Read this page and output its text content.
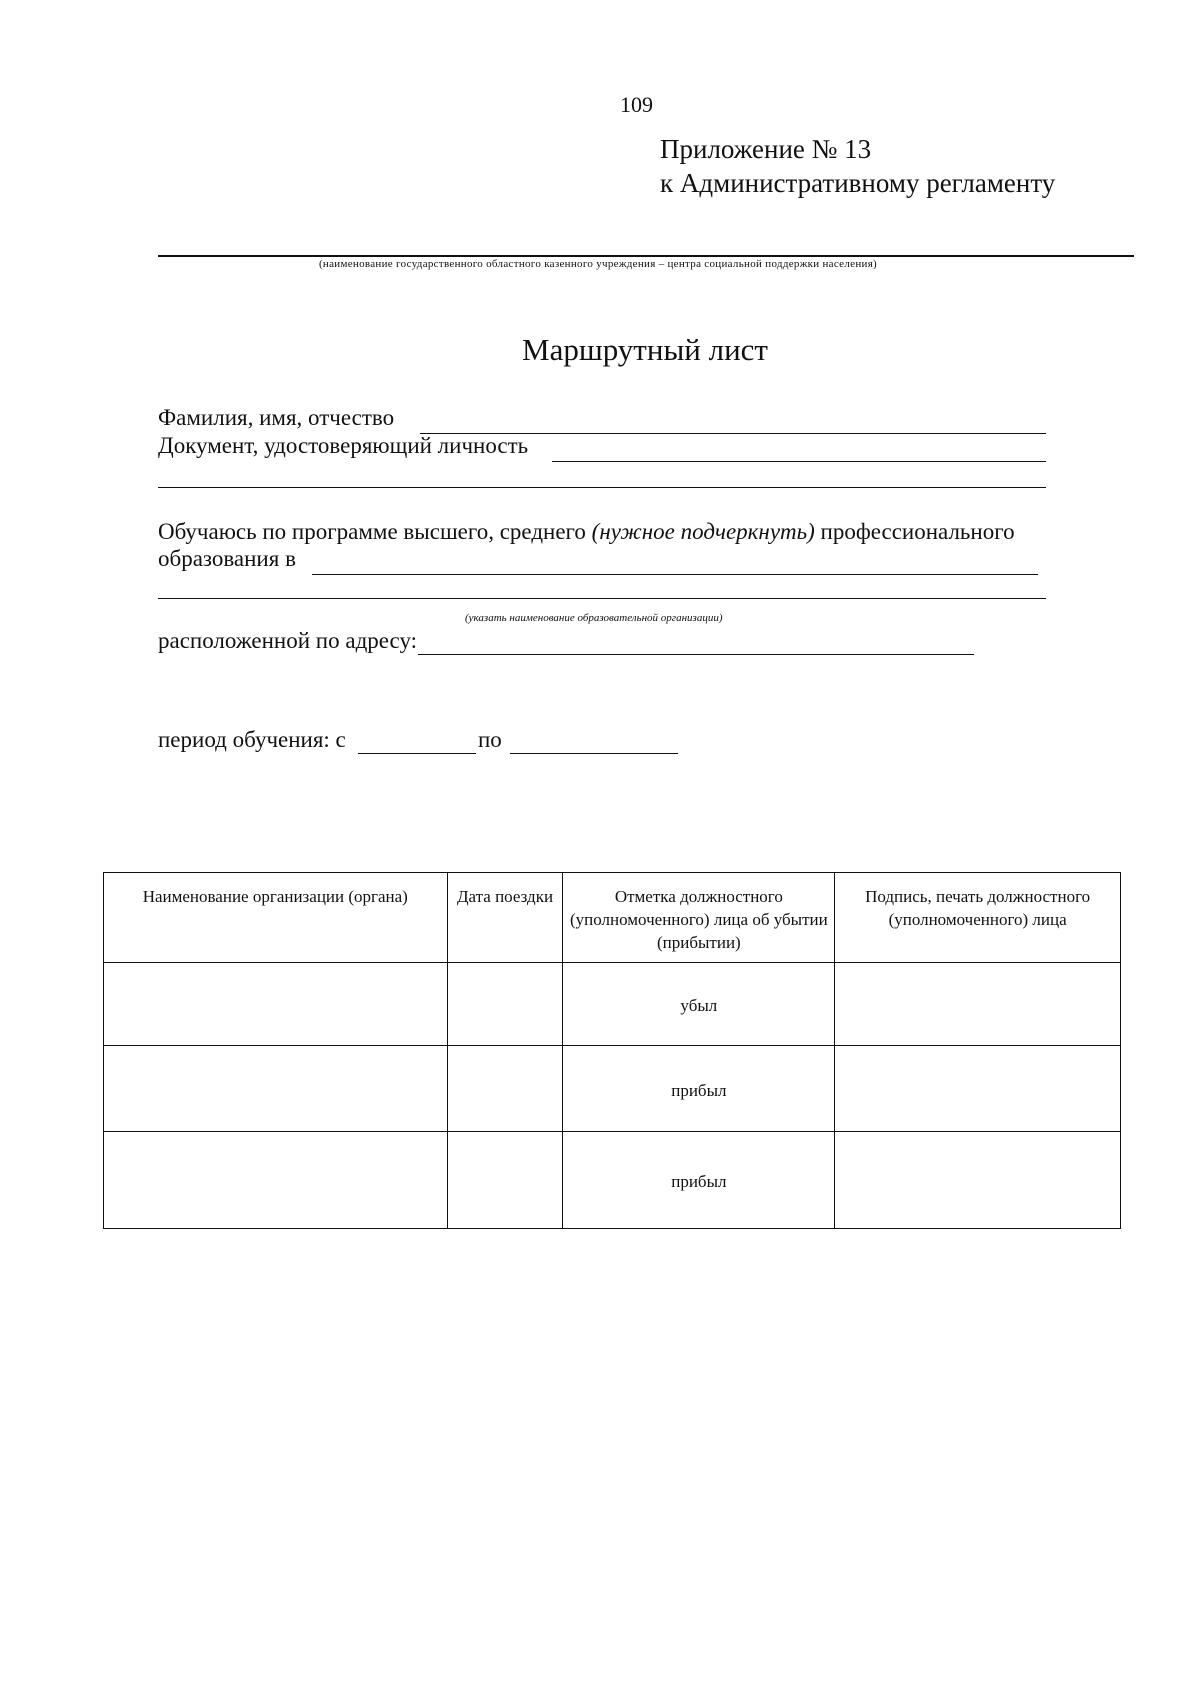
109
Приложение № 13
к Административному регламенту
(наименование государственного областного казенного учреждения – центра социальной поддержки населения)
Маршрутный лист
Фамилия, имя, отчество
Документ, удостоверяющий личность
Обучаюсь по программе высшего, среднего (нужное подчеркнуть) профессионального
образования в
(указать наименование образовательной организации)
расположенной по адресу:
период обучения: с	по
Наименование организации (органа)	Дата поездки	Отметка должностного (уполномоченного) лица об убытии (прибытии)	Подпись, печать должностного (уполномоченного) лица
		убыл	
		прибыл	
		прибыл	
